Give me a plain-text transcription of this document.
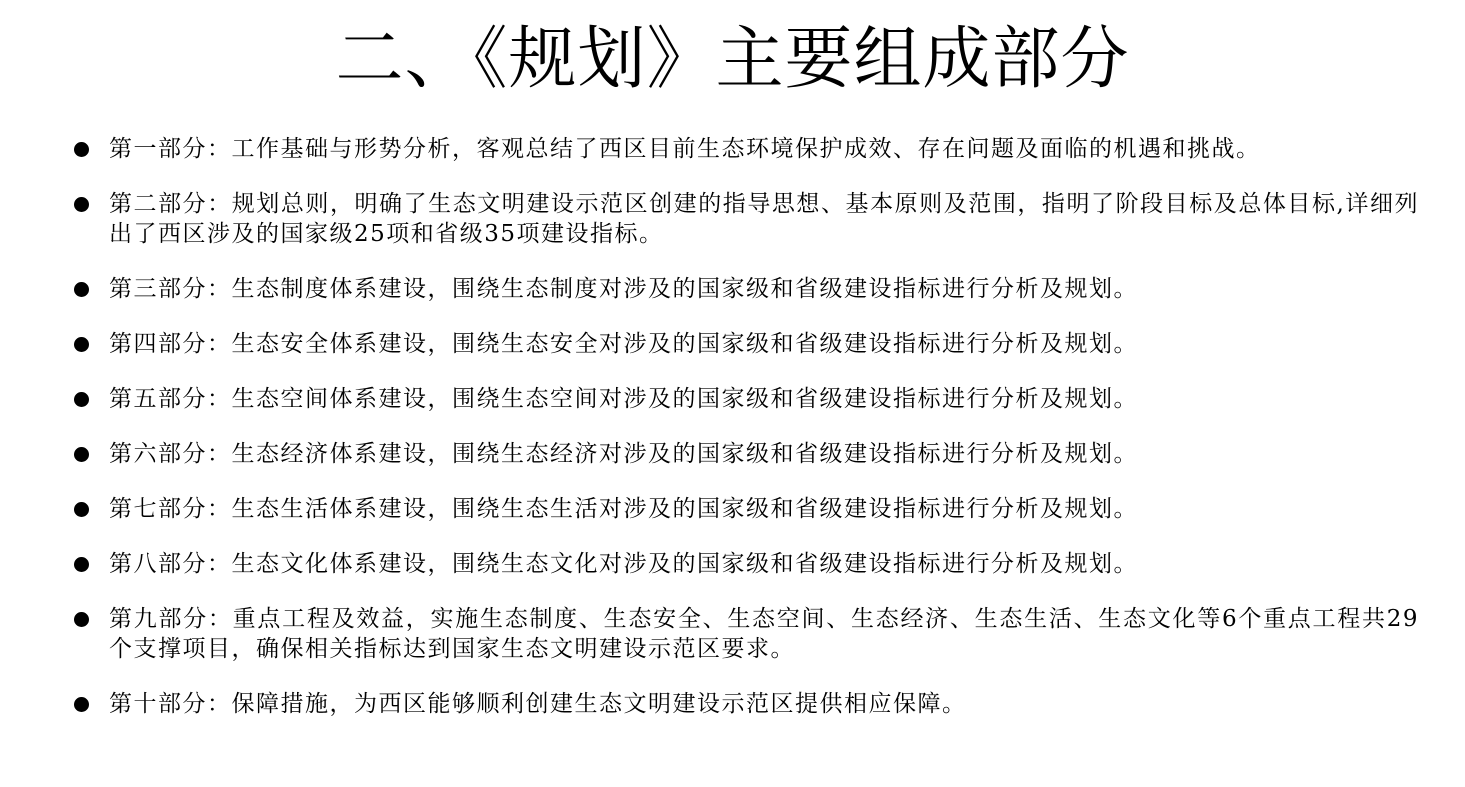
二、《规划》主要组成部分
第一部分：工作基础与形势分析，客观总结了西区目前生态环境保护成效、存在问题及面临的机遇和挑战。
第二部分：规划总则，明确了生态文明建设示范区创建的指导思想、基本原则及范围，指明了阶段目标及总体目标,详细列出了西区涉及的国家级25项和省级35项建设指标。
第三部分：生态制度体系建设，围绕生态制度对涉及的国家级和省级建设指标进行分析及规划。
第四部分：生态安全体系建设，围绕生态安全对涉及的国家级和省级建设指标进行分析及规划。
第五部分：生态空间体系建设，围绕生态空间对涉及的国家级和省级建设指标进行分析及规划。
第六部分：生态经济体系建设，围绕生态经济对涉及的国家级和省级建设指标进行分析及规划。
第七部分：生态生活体系建设，围绕生态生活对涉及的国家级和省级建设指标进行分析及规划。
第八部分：生态文化体系建设，围绕生态文化对涉及的国家级和省级建设指标进行分析及规划。
第九部分：重点工程及效益，实施生态制度、生态安全、生态空间、生态经济、生态生活、生态文化等6个重点工程共29个支撑项目，确保相关指标达到国家生态文明建设示范区要求。
第十部分：保障措施，为西区能够顺利创建生态文明建设示范区提供相应保障。
